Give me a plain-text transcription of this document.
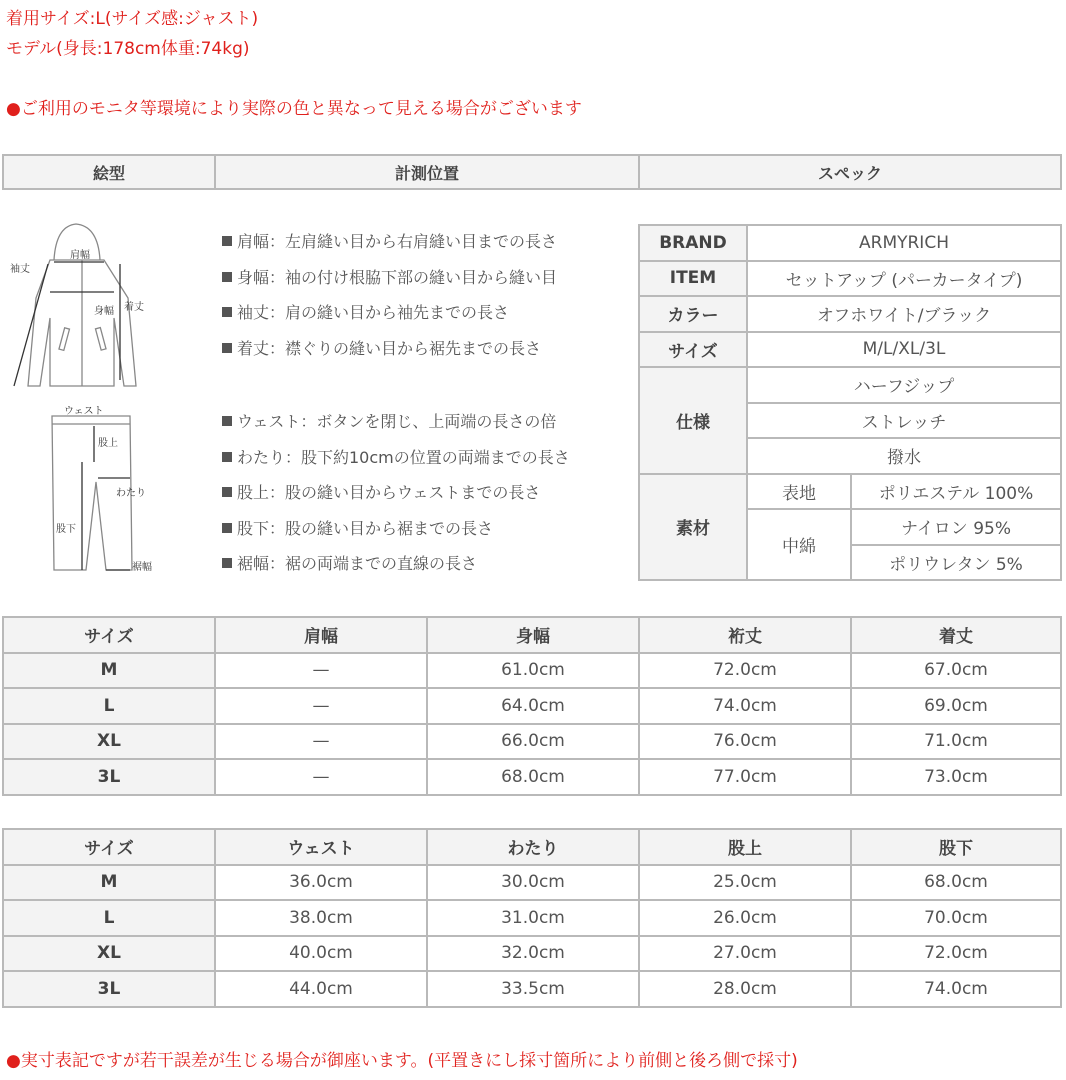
着用サイズ:L(サイズ感:ジャスト)
モデル(身長:178cm体重:74kg)
●ご利用のモニタ等環境により実際の色と異なって見える場合がございます
絵型	計測位置	スペック
肩幅
袖丈
身幅 着丈
ウェスト
股上
わたり
股下
裾幅
肩幅：左肩縫い目から右肩縫い目までの長さ
身幅：袖の付け根脇下部の縫い目から縫い目
袖丈：肩の縫い目から袖先までの長さ
着丈：襟ぐりの縫い目から裾先までの長さ
ウェスト：ボタンを閉じ、上両端の長さの倍
わたり：股下約10cmの位置の両端までの長さ
股上：股の縫い目からウェストまでの長さ
股下：股の縫い目から裾までの長さ
裾幅：裾の両端までの直線の長さ
BRAND	ARMYRICH	
ITEM	セットアップ (パーカータイプ)	
カラー	オフホワイト/ブラック	
サイズ	M/L/XL/3L	
仕様	ハーフジップ	
	ストレッチ	
	撥水	
素材	表地	ポリエステル 100%
	中綿	ナイロン 95%
		ポリウレタン 5%
サイズ	肩幅	身幅	裄丈	着丈
M	—	61.0cm	72.0cm	67.0cm
L	—	64.0cm	74.0cm	69.0cm
XL	—	66.0cm	76.0cm	71.0cm
3L	—	68.0cm	77.0cm	73.0cm
サイズ	ウェスト	わたり	股上	股下
M	36.0cm	30.0cm	25.0cm	68.0cm
L	38.0cm	31.0cm	26.0cm	70.0cm
XL	40.0cm	32.0cm	27.0cm	72.0cm
3L	44.0cm	33.5cm	28.0cm	74.0cm
●実寸表記ですが若干誤差が生じる場合が御座います。(平置きにし採寸箇所により前側と後ろ側で採寸)
